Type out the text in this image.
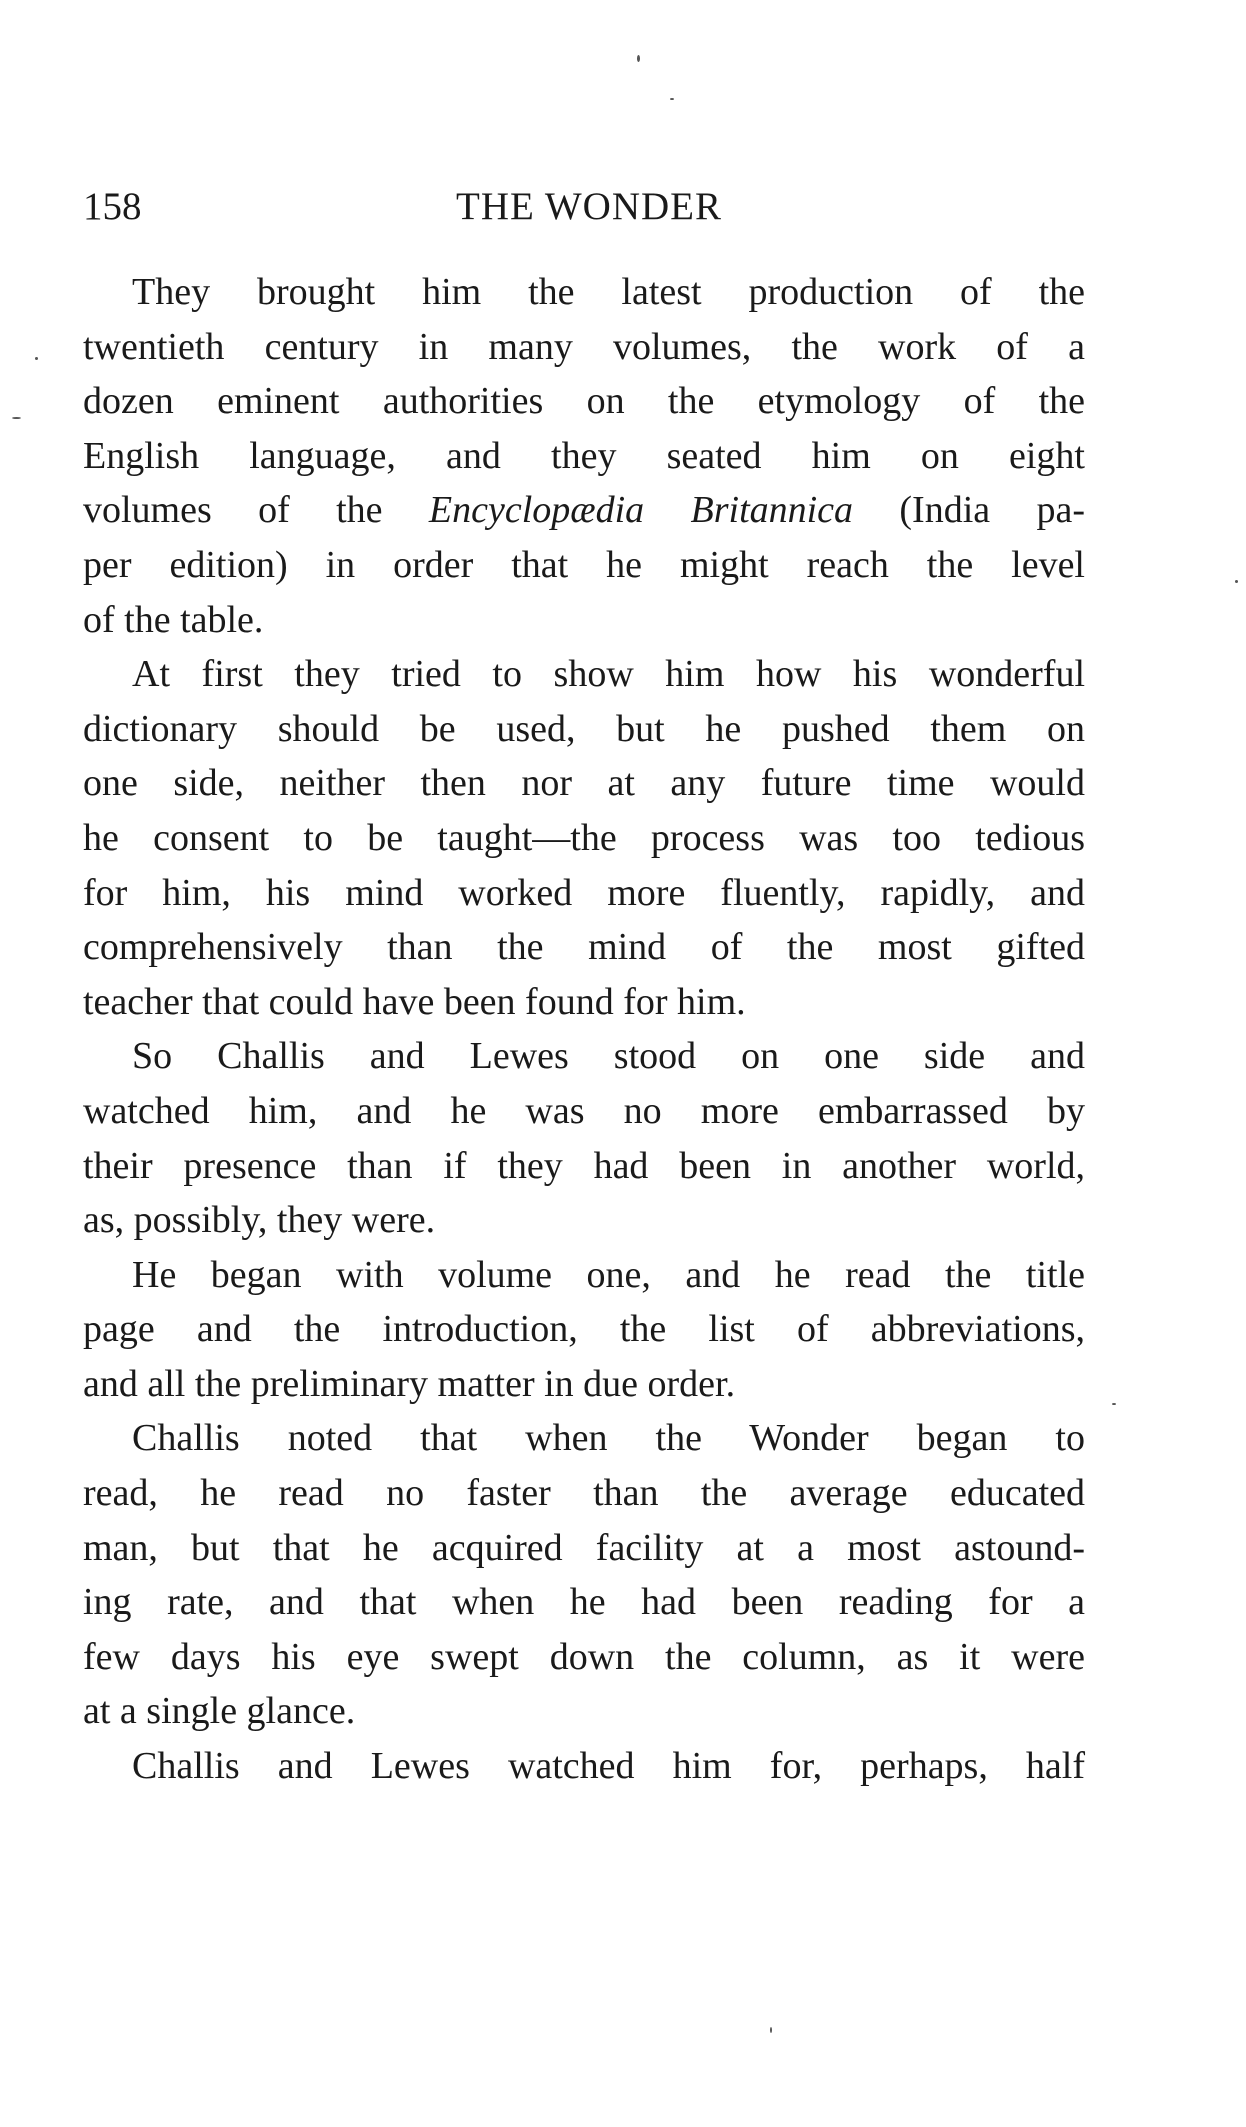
158	THE WONDER

They brought him the latest production of the
twentieth century in many volumes, the work of a
dozen eminent authorities on the etymology of the
English language, and they seated him on eight
volumes of the Encyclopædia Britannica (India pa-
per edition) in order that he might reach the level
of the table.

At first they tried to show him how his wonderful
dictionary should be used, but he pushed them on
one side, neither then nor at any future time would
he consent to be taught—the process was too tedious
for him, his mind worked more fluently, rapidly, and
comprehensively than the mind of the most gifted
teacher that could have been found for him.

So Challis and Lewes stood on one side and
watched him, and he was no more embarrassed by
their presence than if they had been in another world,
as, possibly, they were.

He began with volume one, and he read the title
page and the introduction, the list of abbreviations,
and all the preliminary matter in due order.

Challis noted that when the Wonder began to
read, he read no faster than the average educated
man, but that he acquired facility at a most astound-
ing rate, and that when he had been reading for a
few days his eye swept down the column, as it were
at a single glance.

Challis and Lewes watched him for, perhaps, half
